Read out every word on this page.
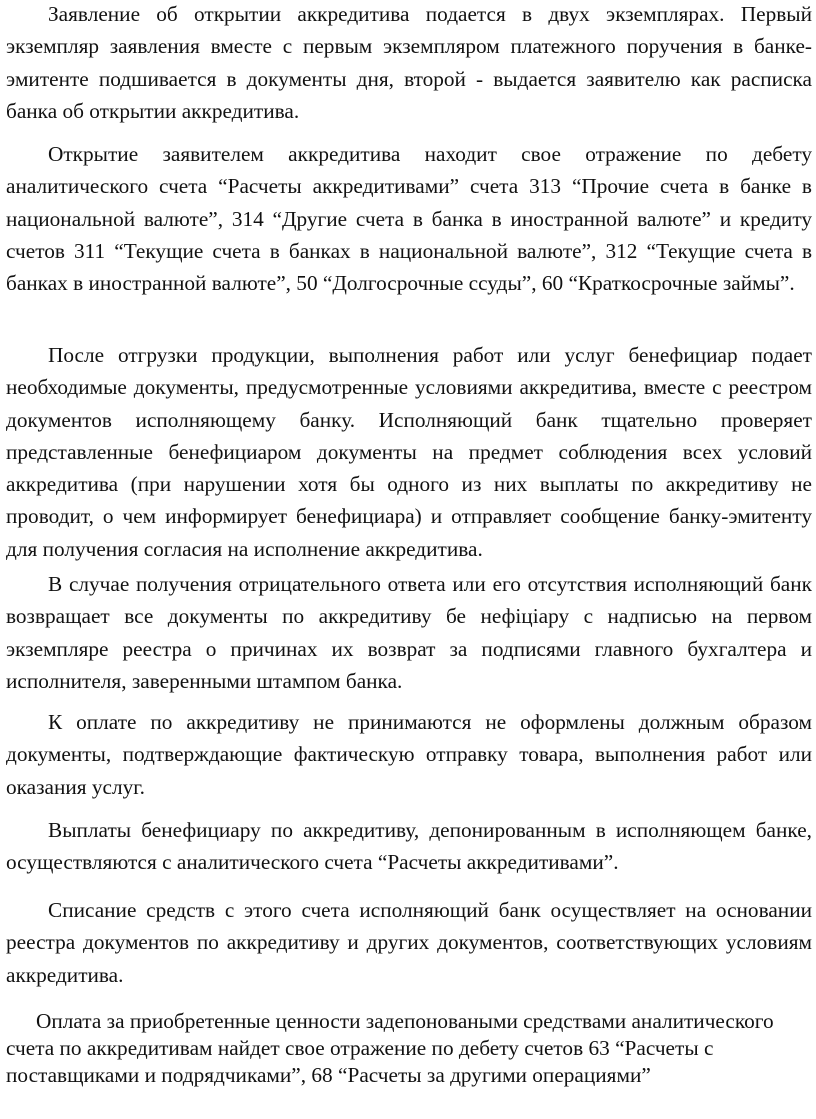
Заявление об открытии аккредитива подается в двух экземплярах. Первый экземпляр заявления вместе с первым экземпляром платежного поручения в банке-эмитенте подшивается в документы дня, второй - выдается заявителю как расписка банка об открытии аккредитива.

Открытие заявителем аккредитива находит свое отражение по дебету аналитического счета “Расчеты аккредитивами” счета 313 “Прочие счета в банке в национальной валюте”, 314 “Другие счета в банка в иностранной валюте” и кредиту счетов 311 “Текущие счета в банках в национальной валюте”, 312 “Текущие счета в банках в иностранной валюте”, 50 “Долгосрочные ссуды”, 60 “Краткосрочные займы”.

После отгрузки продукции, выполнения работ или услуг бенефициар подает необходимые документы, предусмотренные условиями аккредитива, вместе с реестром документов исполняющему банку. Исполняющий банк тщательно проверяет представленные бенефициаром документы на предмет соблюдения всех условий аккредитива (при нарушении хотя бы одного из них выплаты по аккредитиву не проводит, о чем информирует бенефициара) и отправляет сообщение банку-эмитенту для получения согласия на исполнение аккредитива.

В случае получения отрицательного ответа или его отсутствия исполняющий банк возвращает все документы по аккредитиву бе нефіціару с надписью на первом экземпляре реестра о причинах их возврат за подписями главного бухгалтера и исполнителя, заверенными штампом банка.

К оплате по аккредитиву не принимаются не оформлены должным образом документы, подтверждающие фактическую отправку товара, выполнения работ или оказания услуг.

Выплаты бенефициару по аккредитиву, депонированным в исполняющем банке, осуществляются с аналитического счета “Расчеты аккредитивами”.

Списание средств с этого счета исполняющий банк осуществляет на основании реестра документов по аккредитиву и других документов, соответствующих условиям аккредитива.

Оплата за приобретенные ценности задепоноваными средствами аналитического счета по аккредитивам найдет свое отражение по дебету счетов 63 “Расчеты с поставщиками и подрядчиками”, 68 “Расчеты за другими операциями”
